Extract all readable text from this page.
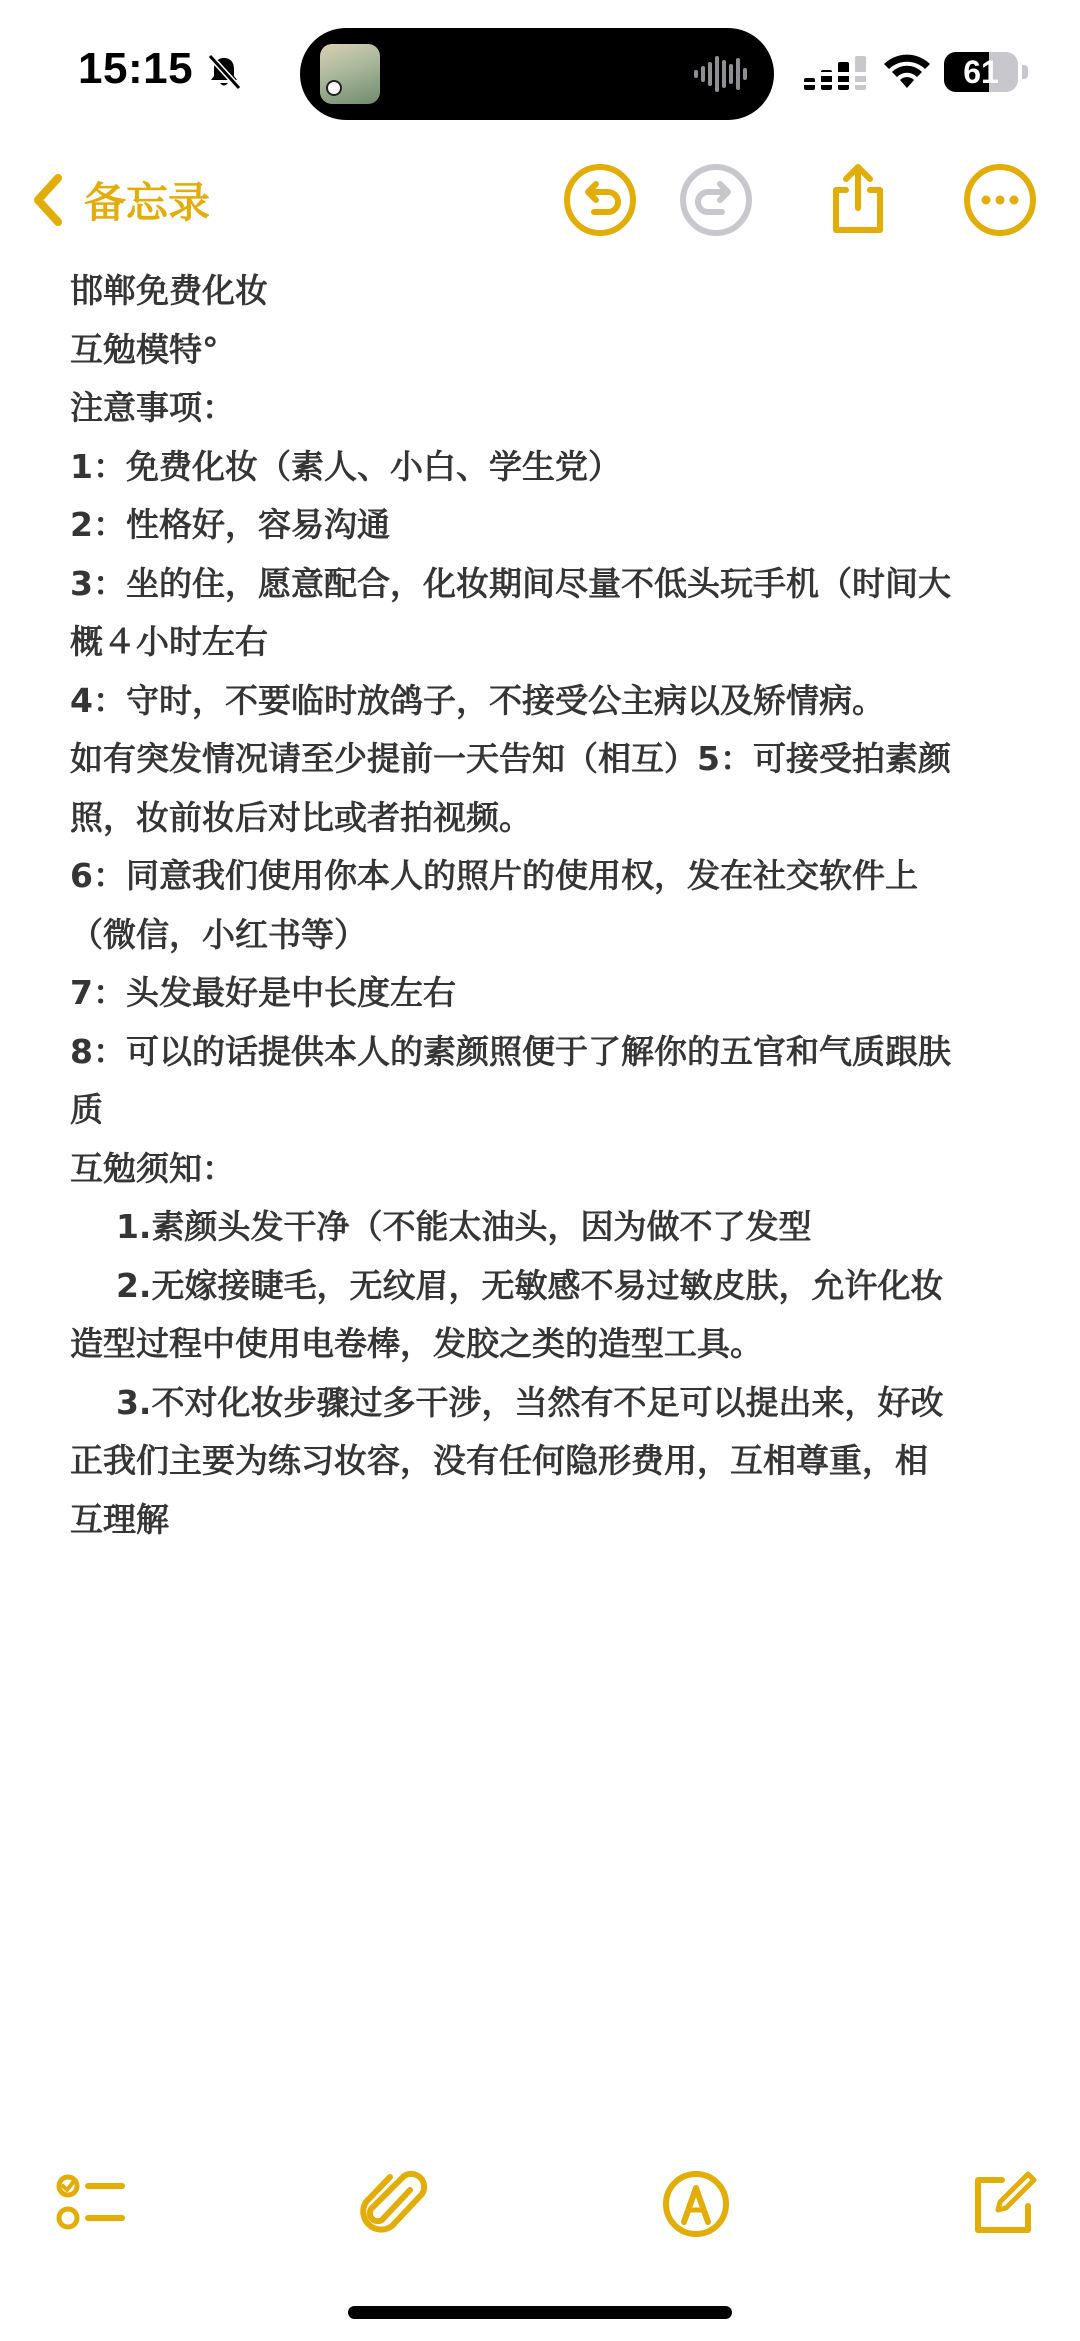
15:15	61
备忘录

邯郸免费化妆

互勉模特°

注意事项：

1：免费化妆（素人、小白、学生党）

2：性格好，容易沟通

3：坐的住，愿意配合，化妆期间尽量不低头玩手机（时间大

概４小时左右

4：守时，不要临时放鸽子，不接受公主病以及矫情病。

如有突发情况请至少提前一天告知（相互）5：可接受拍素颜

照，妆前妆后对比或者拍视频。

6：同意我们使用你本人的照片的使用权，发在社交软件上

（微信，小红书等）

7：头发最好是中长度左右

8：可以的话提供本人的素颜照便于了解你的五官和气质跟肤

质

互勉须知：

1.素颜头发干净（不能太油头，因为做不了发型

2.无嫁接睫毛，无纹眉，无敏感不易过敏皮肤，允许化妆

造型过程中使用电卷棒，发胶之类的造型工具。

3.不对化妆步骤过多干涉，当然有不足可以提出来，好改

正我们主要为练习妆容，没有任何隐形费用，互相尊重，相

互理解
